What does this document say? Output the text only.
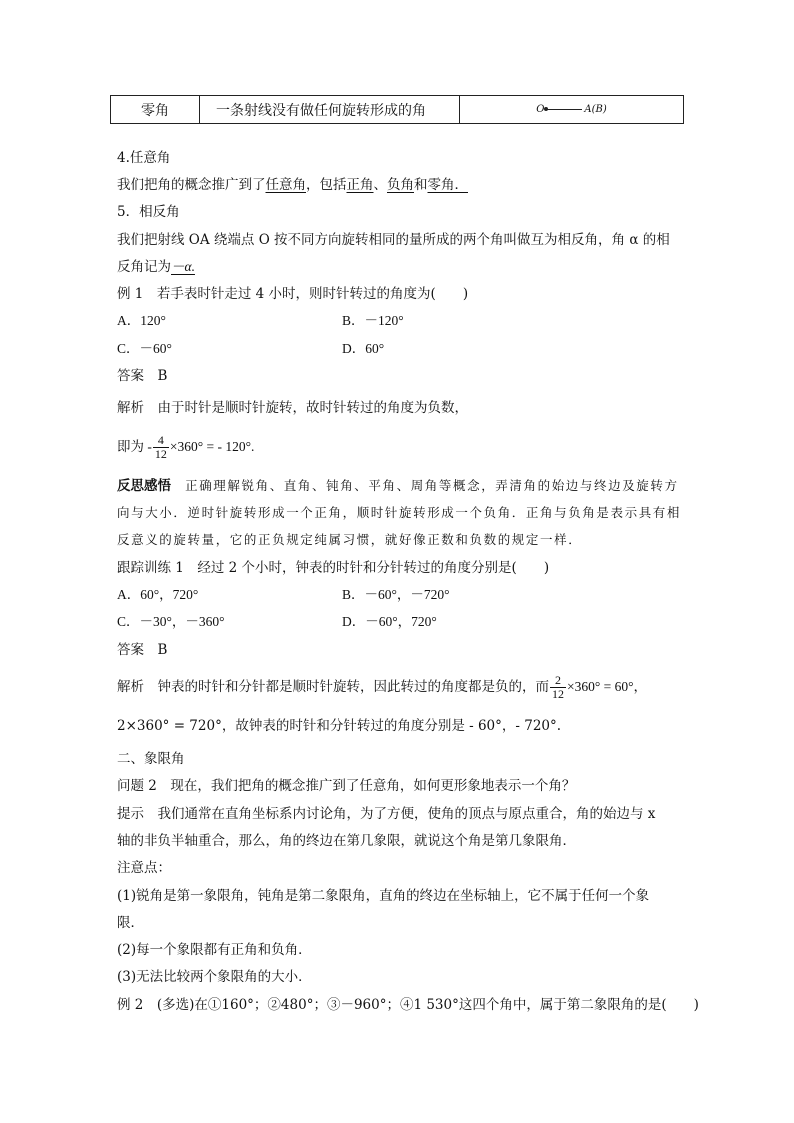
零角	一条射线没有做任何旋转形成的角	O	A(B)
4.任意角
我们把角的概念推广到了任意角，包括正角、负角和零角．
5．相反角
我们把射线 OA 绕端点 O 按不同方向旋转相同的量所成的两个角叫做互为相反角，角 α 的相
反角记为－α.
例 1　若手表时针走过 4 小时，则时针转过的角度为(　　)
A．120°	B．－120°
C．－60°	D．60°
答案　B
解析　由于时针是顺时针旋转，故时针转过的角度为负数，
即为 - $\frac{4}{12} \times 360^\circ$ = - 120°.
反思感悟　正确理解锐角、直角、钝角、平角、周角等概念，弄清角的始边与终边及旋转方
向与大小．逆时针旋转形成一个正角，顺时针旋转形成一个负角．正角与负角是表示具有相
反意义的旋转量，它的正负规定纯属习惯，就好像正数和负数的规定一样．
跟踪训练 1　经过 2 个小时，钟表的时针和分针转过的角度分别是(　　)
A．60°，720°	B．－60°，－720°
C．－30°，－360°	D．－60°，720°
答案　B
解析　钟表的时针和分针都是顺时针旋转，因此转过的角度都是负的，而 $\frac{2}{12} \times 360^\circ = 60^\circ$，
2×360° = 720°，故钟表的时针和分针转过的角度分别是 - 60°，- 720°.
二、象限角
问题 2　现在，我们把角的概念推广到了任意角，如何更形象地表示一个角？
提示　我们通常在直角坐标系内讨论角，为了方便，使角的顶点与原点重合，角的始边与 x
轴的非负半轴重合，那么，角的终边在第几象限，就说这个角是第几象限角．
注意点：
(1)锐角是第一象限角，钝角是第二象限角，直角的终边在坐标轴上，它不属于任何一个象
限．
(2)每一个象限都有正角和负角．
(3)无法比较两个象限角的大小．
例 2　(多选)在①160°；②480°；③－960°；④1 530°这四个角中，属于第二象限角的是(　　)
